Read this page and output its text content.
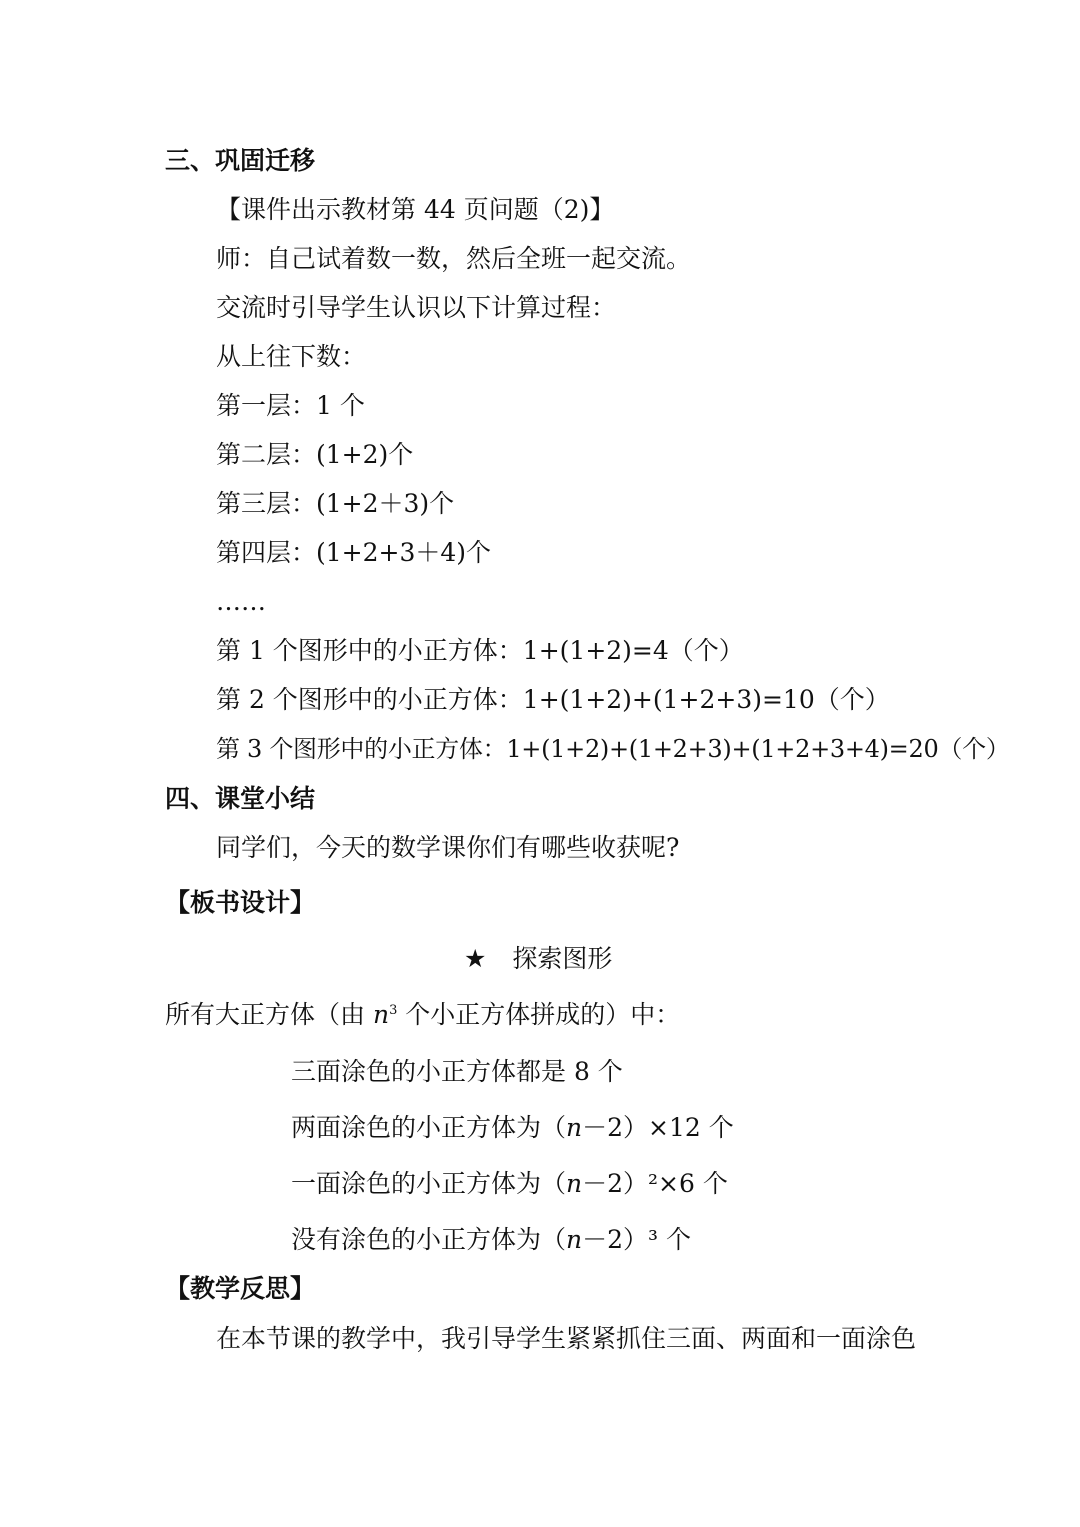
三、巩固迁移
【课件出示教材第 44 页问题（2)】
师：自己试着数一数，然后全班一起交流。
交流时引导学生认识以下计算过程：
从上往下数：
第一层：1 个
第二层：(1+2)个
第三层：(1+2＋3)个
第四层：(1+2+3＋4)个
……
第 1 个图形中的小正方体：1+(1+2)=4（个）
第 2 个图形中的小正方体：1+(1+2)+(1+2+3)=10（个）
第 3 个图形中的小正方体：1+(1+2)+(1+2+3)+(1+2+3+4)=20（个）
四、课堂小结
同学们，今天的数学课你们有哪些收获呢?
【板书设计】
★ 探索图形
所有大正方体（由 $n^3$ 个小正方体拼成的）中：
三面涂色的小正方体都是 8 个
两面涂色的小正方体为（n－2）×12 个
一面涂色的小正方体为（n－2）²×6 个
没有涂色的小正方体为（n－2）³ 个
【教学反思】
在本节课的教学中，我引导学生紧紧抓住三面、两面和一面涂色
